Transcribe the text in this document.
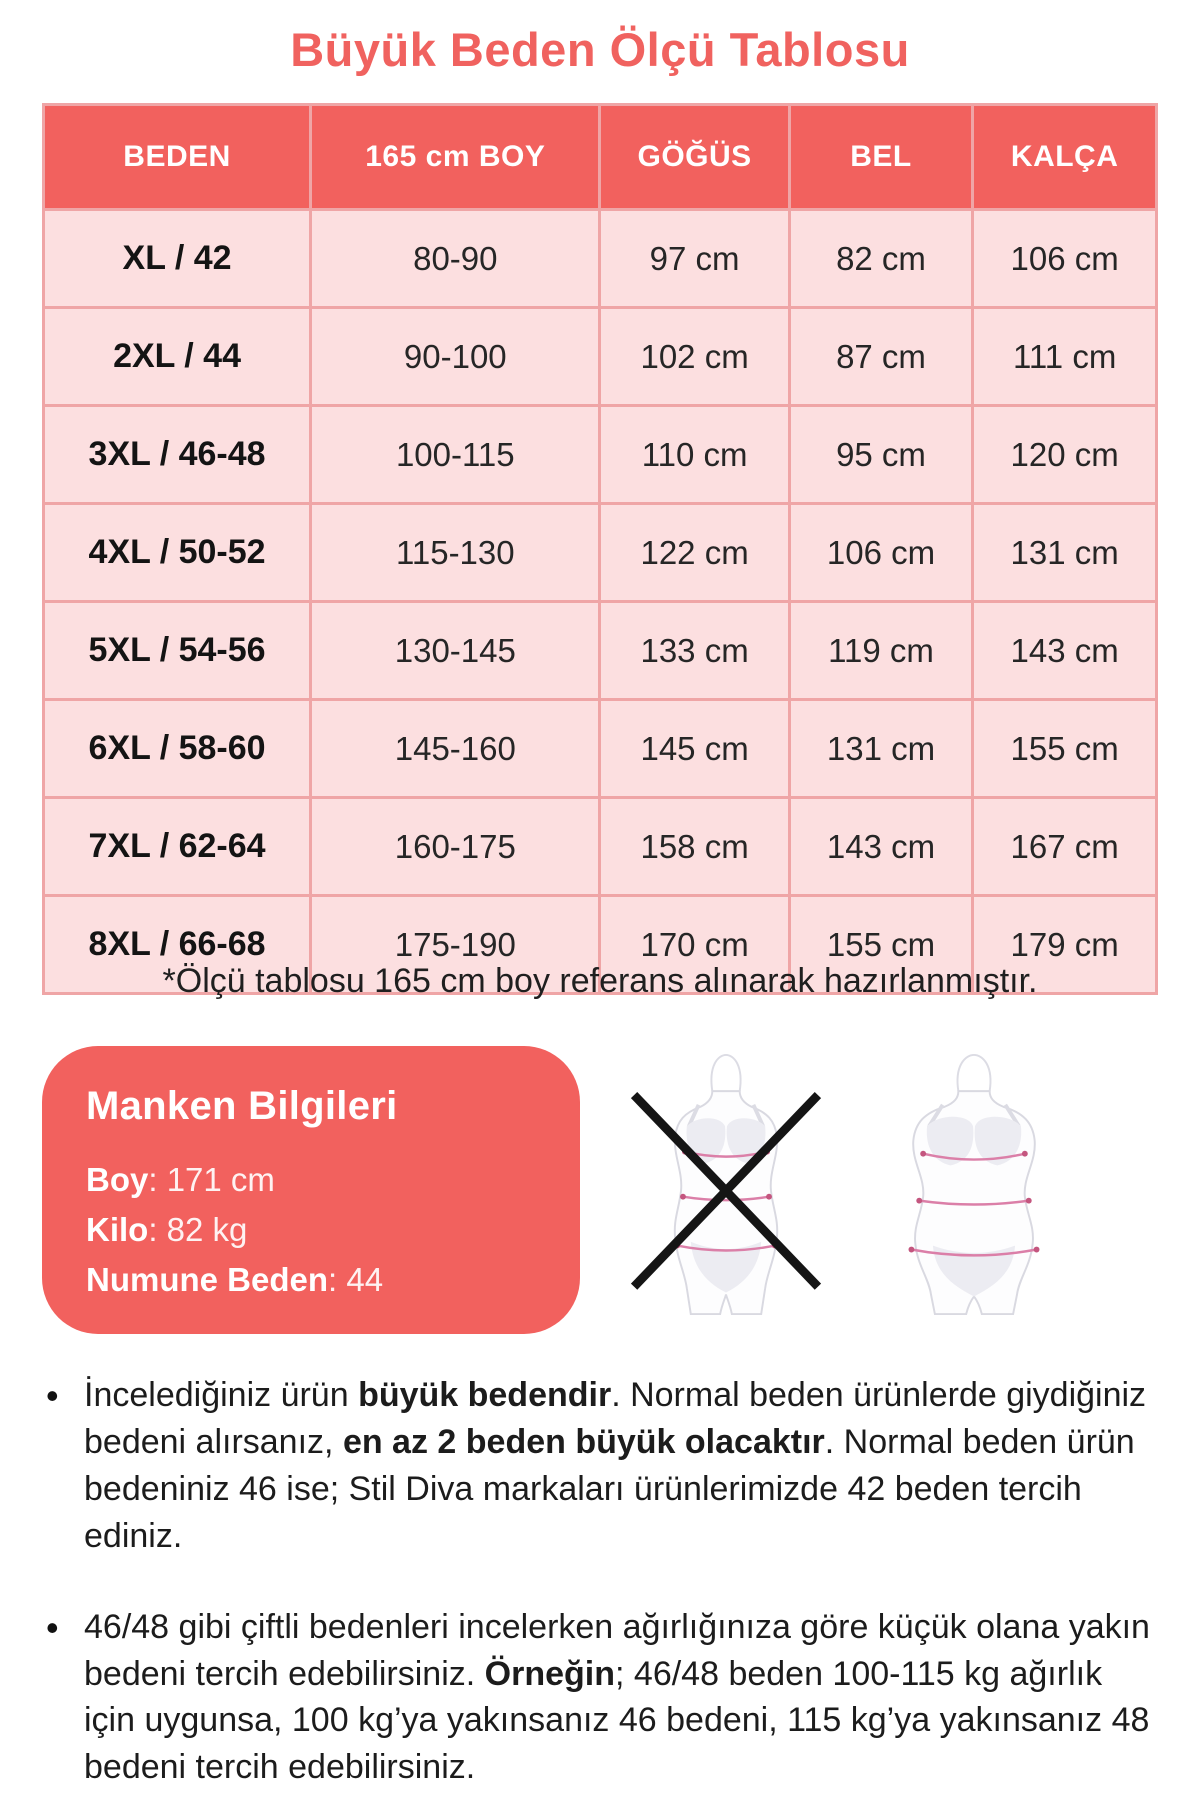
Büyük Beden Ölçü Tablosu
BEDEN	165 cm BOY	GÖĞÜS	BEL	KALÇA
XL / 42	80-90	97 cm	82 cm	106 cm
2XL / 44	90-100	102 cm	87 cm	111 cm
3XL / 46-48	100-115	110 cm	95 cm	120 cm
4XL / 50-52	115-130	122 cm	106 cm	131 cm
5XL / 54-56	130-145	133 cm	119 cm	143 cm
6XL / 58-60	145-160	145 cm	131 cm	155 cm
7XL / 62-64	160-175	158 cm	143 cm	167 cm
8XL / 66-68	175-190	170 cm	155 cm	179 cm
*Ölçü tablosu 165 cm boy referans alınarak hazırlanmıştır.
Manken Bilgileri
Boy: 171 cm
Kilo: 82 kg
Numune Beden: 44
• İncelediğiniz ürün büyük bedendir. Normal beden ürünlerde giydiğiniz bedeni alırsanız, en az 2 beden büyük olacaktır. Normal beden ürün bedeniniz 46 ise; Stil Diva markaları ürünlerimizde 42 beden tercih ediniz.
• 46/48 gibi çiftli bedenleri incelerken ağırlığınıza göre küçük olana yakın bedeni tercih edebilirsiniz. Örneğin; 46/48 beden 100-115 kg ağırlık için uygunsa, 100 kg’ya yakınsanız 46 bedeni, 115 kg’ya yakınsanız 48 bedeni tercih edebilirsiniz.
